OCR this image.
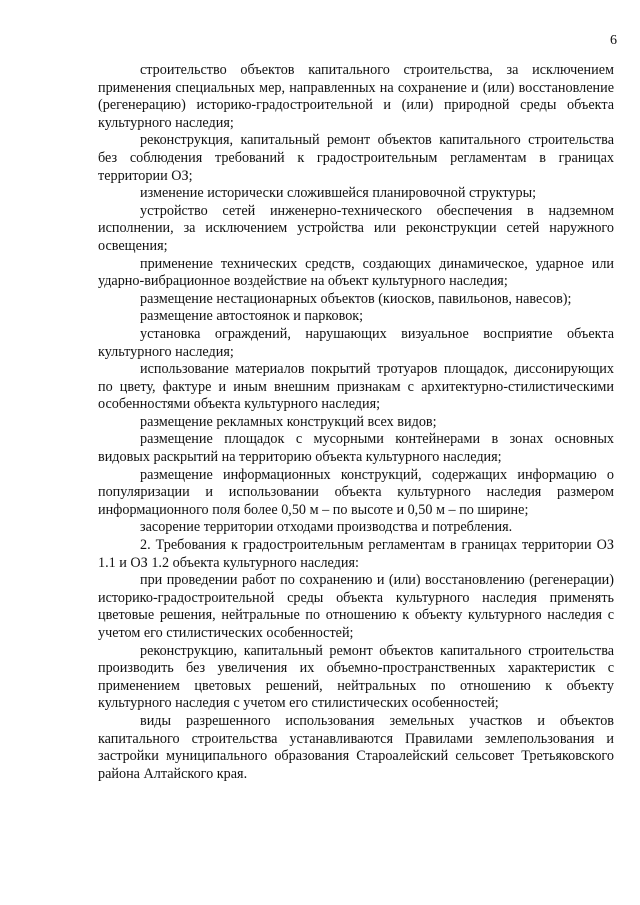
6

строительство объектов капитального строительства, за исключением применения специальных мер, направленных на сохранение и (или) восстановление (регенерацию) историко-градостроительной и (или) природной среды объекта культурного наследия;

реконструкция, капитальный ремонт объектов капитального строительства без соблюдения требований к градостроительным регламентам в границах территории ОЗ;

изменение исторически сложившейся планировочной структуры;

устройство сетей инженерно-технического обеспечения в надземном исполнении, за исключением устройства или реконструкции сетей наружного освещения;

применение технических средств, создающих динамическое, ударное или ударно-вибрационное воздействие на объект культурного наследия;

размещение нестационарных объектов (киосков, павильонов, навесов);

размещение автостоянок и парковок;

установка ограждений, нарушающих визуальное восприятие объекта культурного наследия;

использование материалов покрытий тротуаров площадок, диссонирующих по цвету, фактуре и иным внешним признакам с архитектурно-стилистическими особенностями объекта культурного наследия;

размещение рекламных конструкций всех видов;

размещение площадок с мусорными контейнерами в зонах основных видовых раскрытий на территорию объекта культурного наследия;

размещение информационных конструкций, содержащих информацию о популяризации и использовании объекта культурного наследия размером информационного поля более 0,50 м – по высоте и 0,50 м – по ширине;

засорение территории отходами производства и потребления.

2. Требования к градостроительным регламентам в границах территории ОЗ 1.1 и ОЗ 1.2 объекта культурного наследия:

при проведении работ по сохранению и (или) восстановлению (регенерации) историко-градостроительной среды объекта культурного наследия применять цветовые решения, нейтральные по отношению к объекту культурного наследия с учетом его стилистических особенностей;

реконструкцию, капитальный ремонт объектов капитального строительства производить без увеличения их объемно-пространственных характеристик с применением цветовых решений, нейтральных по отношению к объекту культурного наследия с учетом его стилистических особенностей;

виды разрешенного использования земельных участков и объектов капитального строительства устанавливаются Правилами землепользования и застройки муниципального образования Староалейский сельсовет Третьяковского района Алтайского края.
